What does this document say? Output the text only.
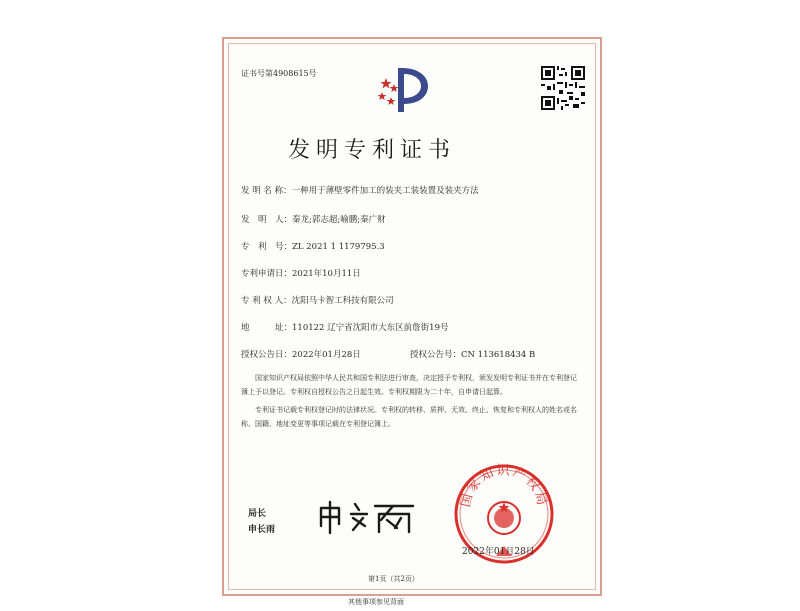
证书号第4908615号
发明专利证书
发 明 名 称：一种用于薄壁零件加工的装夹工装装置及装夹方法
发　明　人：秦龙;郭志超;喻鹏;秦广财
专　利　号：ZL 2021 1 1179795.3
专利申请日：2021年10月11日
专 利 权 人：沈阳马卡智工科技有限公司
地　　　址：110122 辽宁省沈阳市大东区前詹街19号
授权公告日：2022年01月28日	授权公告号：CN 113618434 B
国家知识产权局依照中华人民共和国专利法进行审查，决定授予专利权，颁发发明专利证书并在专利登记簿上予以登记。专利权自授权公告之日起生效。专利权期限为二十年，自申请日起算。
专利证书记载专利权登记时的法律状况。专利权的转移、质押、无效、终止、恢复和专利权人的姓名或名称、国籍、地址变更等事项记载在专利登记簿上。
局长
申长雨
国家知识产权局
2022年01月28日
第1页（共2页）
其他事项参见背面
